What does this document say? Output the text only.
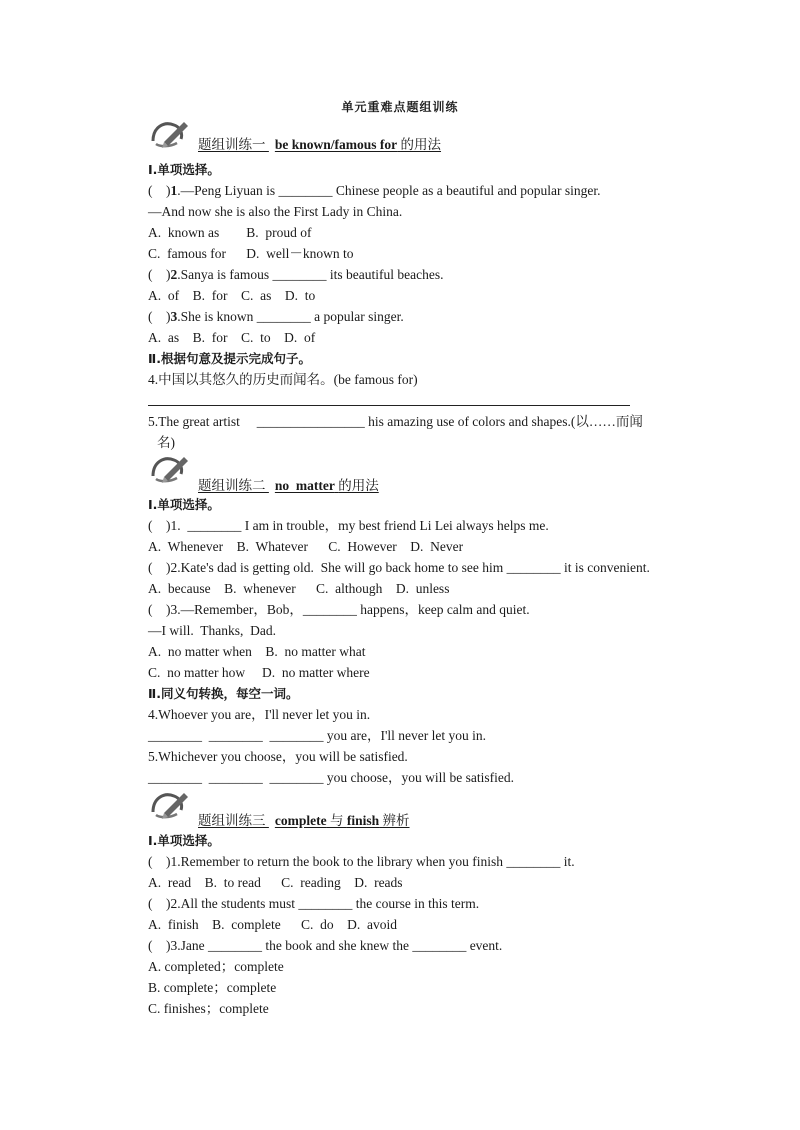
单元重难点题组训练
题组训练一 be known/famous for 的用法
Ⅰ.单项选择。
(    )1.—Peng Liyuan is ________ Chinese people as a beautiful and popular singer.
—And now she is also the First Lady in China.
A.  known as        B.  proud of
C.  famous for      D.  well－known to
(    )2.Sanya is famous ________ its beautiful beaches.
A.  of    B.  for    C.  as    D.  to
(    )3.She is known ________ a popular singer.
A.  as    B.  for    C.  to    D.  of
Ⅱ.根据句意及提示完成句子。
4.中国以其悠久的历史而闻名。(be famous for)
5.The great artist     ________________ his amazing use of colors and shapes.(以……而闻
名)
题组训练二 no  matter 的用法
Ⅰ.单项选择。
(    )1.  ________ I am in trouble，my best friend Li Lei always helps me.
A.  Whenever    B.  Whatever      C.  However    D.  Never
(    )2.Kate's dad is getting old.  She will go back home to see him ________ it is convenient.
A.  because    B.  whenever      C.  although    D.  unless
(    )3.—Remember，Bob，________ happens，keep calm and quiet.
—I will.  Thanks,  Dad.
A.  no matter when    B.  no matter what
C.  no matter how     D.  no matter where
Ⅱ.同义句转换，每空一词。
4.Whoever you are，I'll never let you in.
________  ________  ________ you are，I'll never let you in.
5.Whichever you choose，you will be satisfied.
________  ________  ________ you choose，you will be satisfied.
题组训练三 complete 与 finish 辨析
Ⅰ.单项选择。
(    )1.Remember to return the book to the library when you finish ________ it.
A.  read    B.  to read      C.  reading    D.  reads
(    )2.All the students must ________ the course in this term.
A.  finish    B.  complete      C.  do    D.  avoid
(    )3.Jane ________ the book and she knew the ________ event.
A. completed；complete
B. complete；complete
C. finishes；complete
